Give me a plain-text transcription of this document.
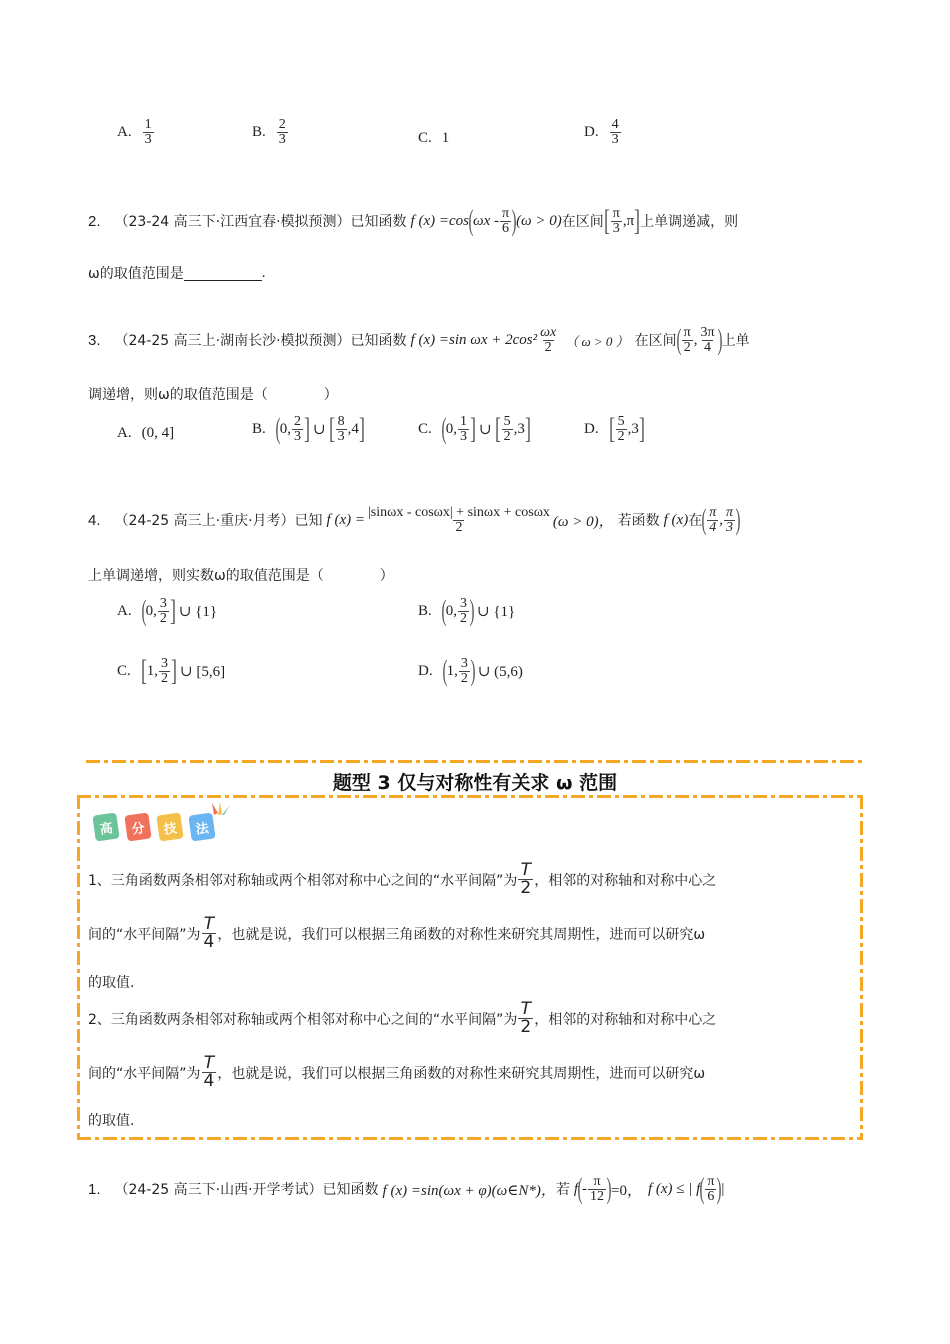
A. $\frac{1}{3}$	B. $\frac{2}{3}$	C. 1	D. $\frac{4}{3}$
2. （23-24 高三下·江西宜春·模拟预测） 已知函数 f (x) =cos ( ωx - $\frac{\pi}{6}$ ) (ω > 0) 在区间 [ $\frac{\pi}{3} ,\pi$ ] 上单调递减，则
ω的取值范围是	.
3. （24-25 高三上·湖南长沙·模拟预测） 已知函数 f (x) =sin $\omega x + 2\cos^2 \frac{\omega x}{2}$ （ ω > 0 ） 在区间 ( $\frac{\pi}{2}$ , $\frac{3\pi}{4}$ ) 上单
调递增，则ω的取值范围是（　　　　）
A. (0, 4]	B. ( 0, $\frac{2}{3}$ ] ∪ [ $\frac{8}{3} ,4$ ]	C. ( 0, $\frac{1}{3}$ ] ∪ [ $\frac{5}{2} ,3$ ]	D. [ $\frac{5}{2} ,3$ ]
4. （24-25 高三上·重庆·月考） 已知 f $(x) = \frac{|\sin\omega x - \cos\omega x| + \sin\omega x + \cos\omega x}{2} (\omega > 0)$， 若函数 f (x) 在 ( $\frac{\pi}{4}$ , $\frac{\pi}{3}$ )
上单调递增，则实数ω的取值范围是（　　　　）
A. ( 0, $\frac{3}{2}$ ] ∪ {1}	B. ( 0, $\frac{3}{2}$ ) ∪ {1}
C. [ 1, $\frac{3}{2}$ ] ∪ [5,6]	D. ( 1, $\frac{3}{2}$ ) ∪ (5,6)
题型 3 仅与对称性有关求 ω 范围
高	分	技	法
1、三角函数两条相邻对称轴或两个相邻对称中心之间的“水平间隔”为 $\frac{T}{2}$ ，相邻的对称轴和对称中心之
间的“水平间隔”为 $\frac{T}{4}$ ，也就是说，我们可以根据三角函数的对称性来研究其周期性，进而可以研究ω
的取值.
2、三角函数两条相邻对称轴或两个相邻对称中心之间的“水平间隔”为 $\frac{T}{2}$ ，相邻的对称轴和对称中心之
间的“水平间隔”为 $\frac{T}{4}$ ，也就是说，我们可以根据三角函数的对称性来研究其周期性，进而可以研究ω
的取值.
1. （24-25 高三下·山西·开学考试） 已知函数 f (x) =sin(ωx + φ)(ω∈N*)， 若 f ( - $\frac{\pi}{12}$ ) =0， f (x) ≤ | f ( $\frac{\pi}{6}$ ) |
